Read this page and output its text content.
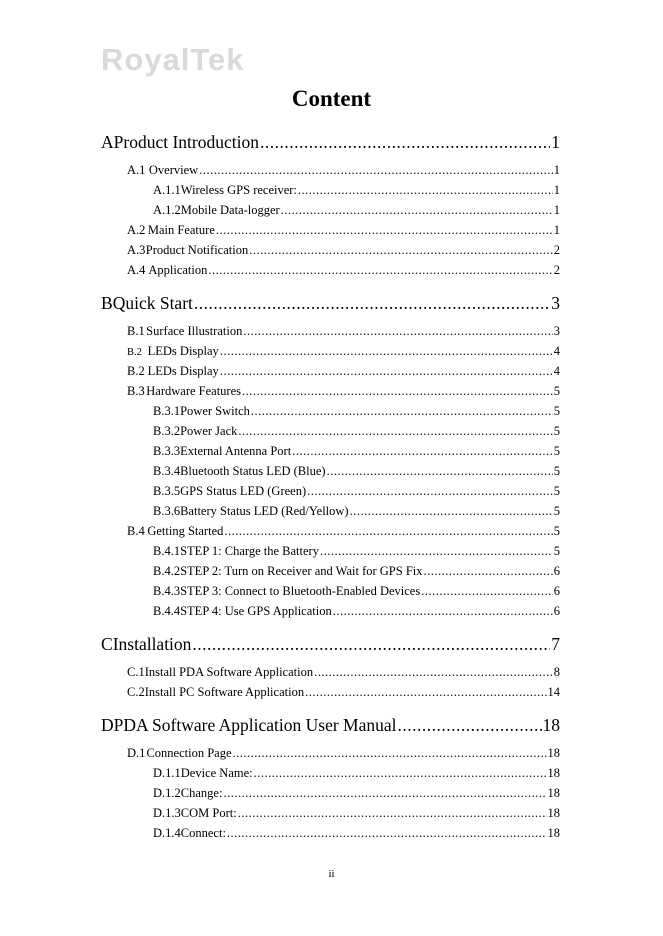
RoyalTek
Content
A Product Introduction .....	1
A.1 Overview .....	1
A.1.1 Wireless GPS receiver: .....	1
A.1.2 Mobile Data-logger .....	1
A.2 Main Feature .....	1
A.3 Product Notification .....	2
A.4 Application .....	2
B Quick Start .....	3
B.1 Surface Illustration .....	3
B.2 LEDs Display .....	4
B.2 LEDs Display .....	4
B.3 Hardware Features .....	5
B.3.1 Power Switch .....	5
B.3.2 Power Jack .....	5
B.3.3 External Antenna Port .....	5
B.3.4 Bluetooth Status LED (Blue) .....	5
B.3.5 GPS Status LED (Green) .....	5
B.3.6 Battery Status LED (Red/Yellow) .....	5
B.4 Getting Started .....	5
B.4.1 STEP 1: Charge the Battery .....	5
B.4.2 STEP 2: Turn on Receiver and Wait for GPS Fix .....	6
B.4.3 STEP 3: Connect to Bluetooth-Enabled Devices .....	6
B.4.4 STEP 4: Use GPS Application .....	6
C Installation .....	7
C.1 Install PDA Software Application .....	8
C.2 Install PC Software Application .....	14
D PDA Software Application User Manual .....	18
D.1 Connection Page .....	18
D.1.1 Device Name: .....	18
D.1.2 Change: .....	18
D.1.3 COM Port: .....	18
D.1.4 Connect: .....	18
ii
